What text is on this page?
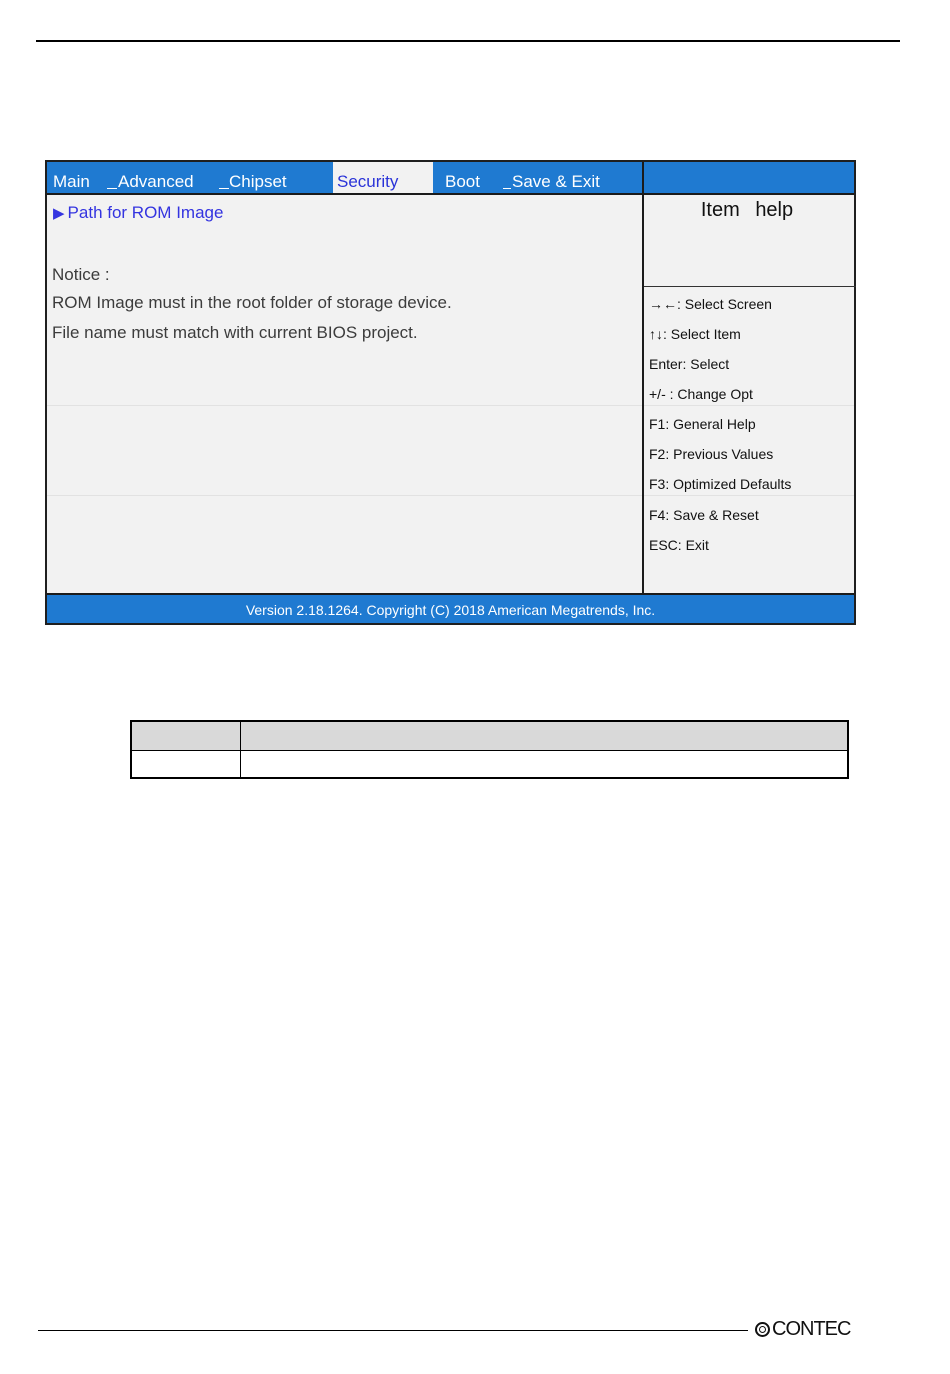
Main	Advanced	Chipset	Security	Boot	Save & Exit
▶ Path for ROM Image
Notice :
ROM Image must in the root folder of storage device.
File name must match with current BIOS project.
Item help
→←: Select Screen
↑↓: Select Item
Enter: Select
+/- : Change Opt
F1: General Help
F2: Previous Values
F3: Optimized Defaults
F4: Save & Reset
ESC: Exit
Version 2.18.1264. Copyright (C) 2018 American Megatrends, Inc.
CONTEC
